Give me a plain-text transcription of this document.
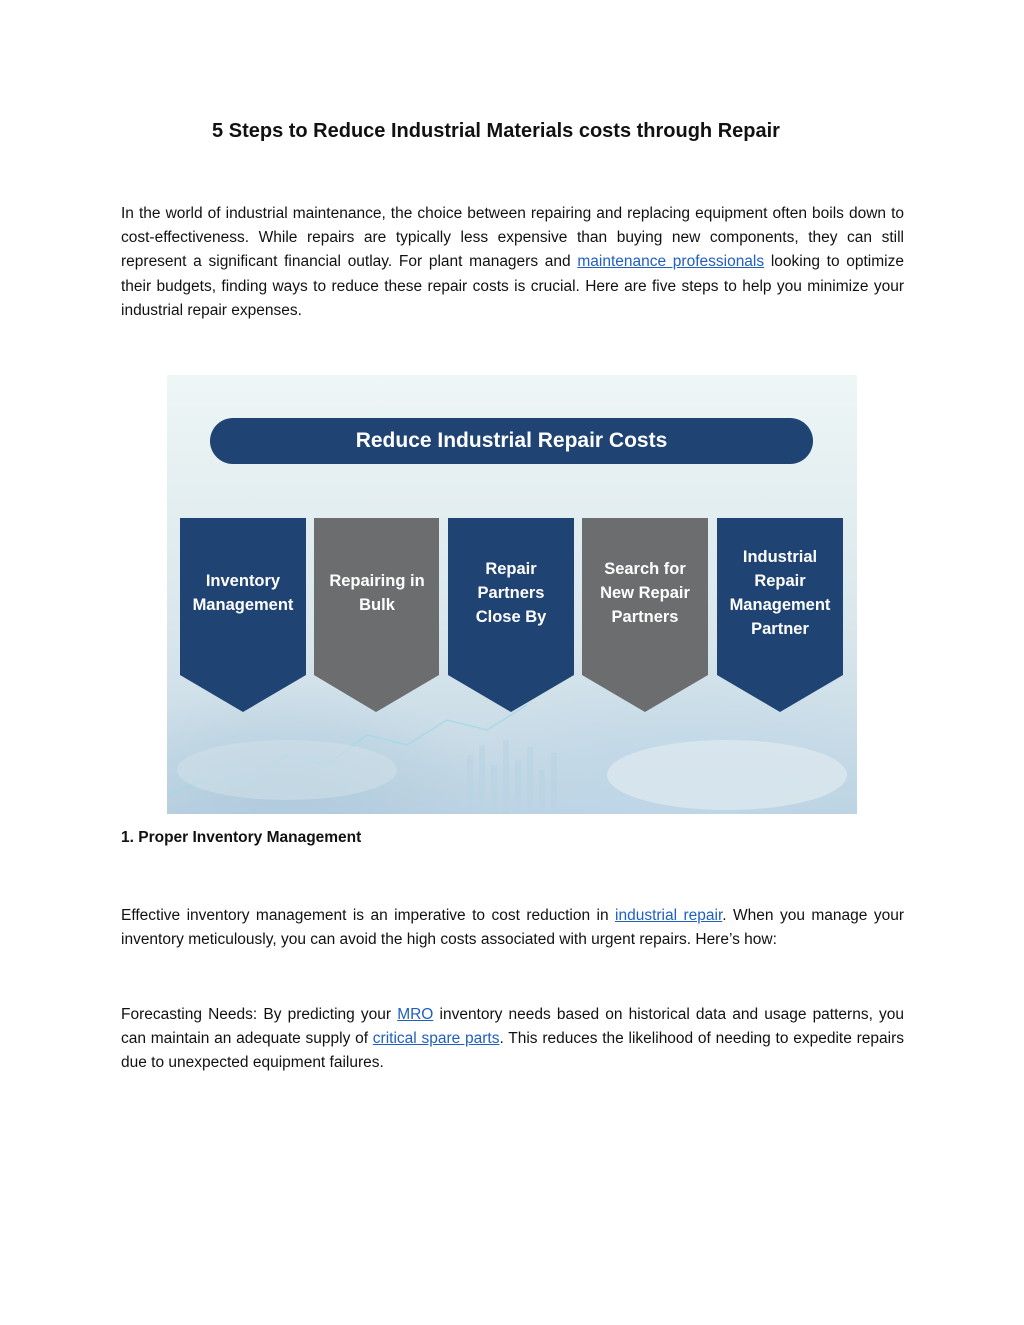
5 Steps to Reduce Industrial Materials costs through Repair

In the world of industrial maintenance, the choice between repairing and replacing equipment often boils down to cost-effectiveness. While repairs are typically less expensive than buying new components, they can still represent a significant financial outlay. For plant managers and maintenance professionals looking to optimize their budgets, finding ways to reduce these repair costs is crucial. Here are five steps to help you minimize your industrial repair expenses.

Reduce Industrial Repair Costs
Inventory
Management
Repairing in
Bulk
Repair
Partners
Close By
Search for
New Repair
Partners
Industrial
Repair
Management
Partner

1. Proper Inventory Management

Effective inventory management is an imperative to cost reduction in industrial repair. When you manage your inventory meticulously, you can avoid the high costs associated with urgent repairs. Here’s how:

Forecasting Needs: By predicting your MRO inventory needs based on historical data and usage patterns, you can maintain an adequate supply of critical spare parts. This reduces the likelihood of needing to expedite repairs due to unexpected equipment failures.
